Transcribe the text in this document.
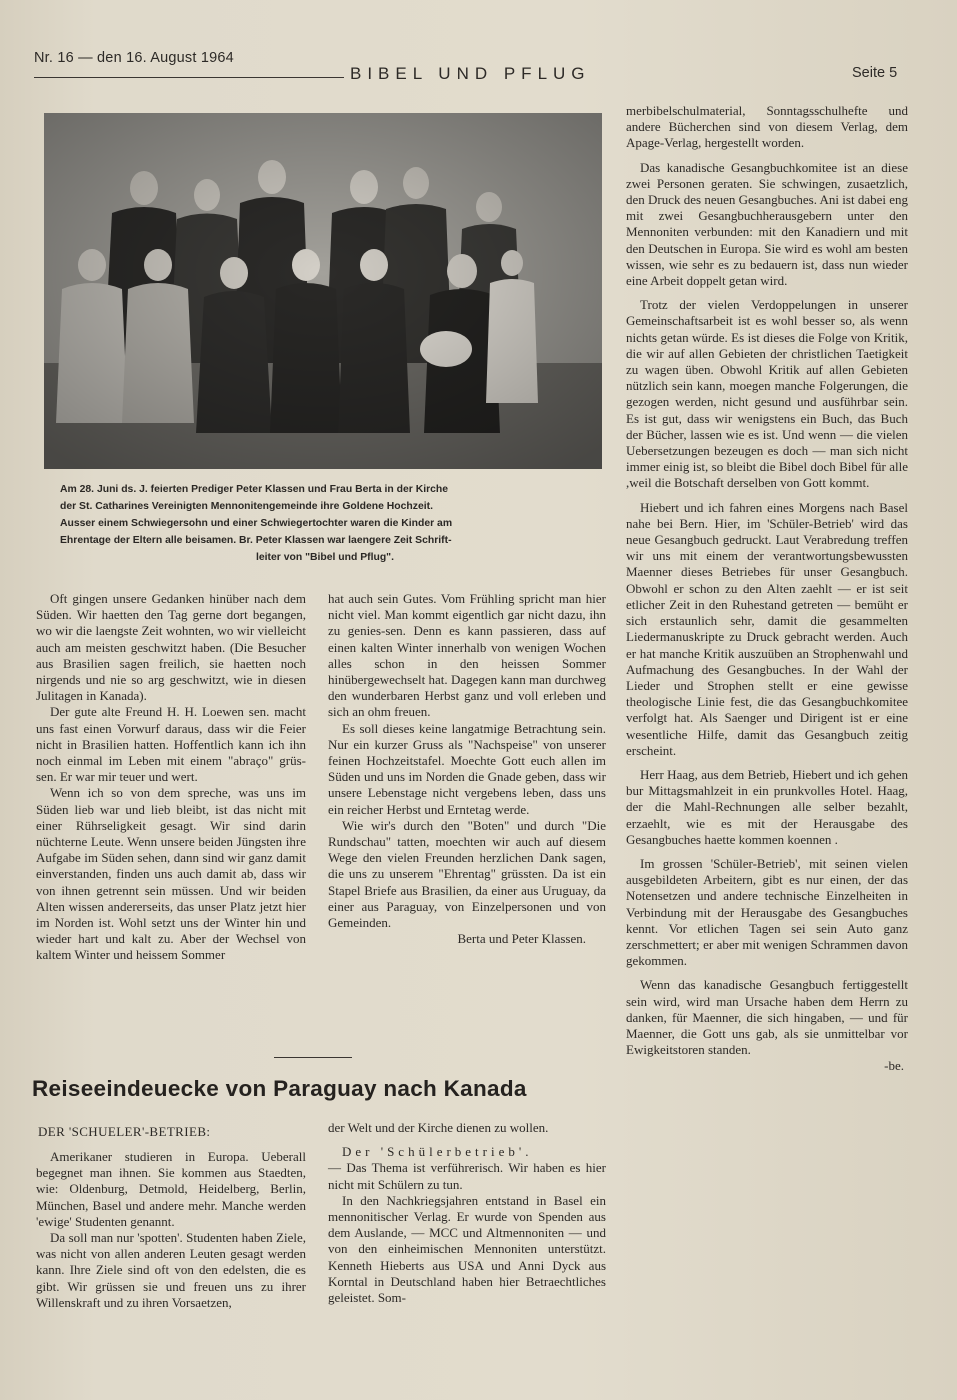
Nr. 16 — den 16. August 1964
BIBEL UND PFLUG	Seite 5

Am 28. Juni ds. J. feierten Prediger Peter Klassen und Frau Berta in der Kirche

der St. Catharines Vereinigten Mennonitengemeinde ihre Goldene Hochzeit.

Ausser einem Schwiegersohn und einer Schwiegertochter waren die Kinder am

Ehrentage der Eltern alle beisamen. Br. Peter Klassen war laengere Zeit Schrift-

leiter von "Bibel und Pflug".

Oft gingen unsere Gedanken hinüber nach dem Süden. Wir haetten den Tag gerne dort begangen, wo wir die laengste Zeit wohnten, wo wir vielleicht auch am meisten geschwitzt haben. (Die Besucher aus Brasilien sagen freilich, sie haetten noch nirgends und nie so arg geschwitzt, wie in diesen Julitagen in Kanada).

Der gute alte Freund H. H. Loewen sen. macht uns fast einen Vorwurf daraus, dass wir die Feier nicht in Brasilien hatten. Hoffentlich kann ich ihn noch einmal im Leben mit einem "abraço" grüs-sen. Er war mir teuer und wert.

Wenn ich so von dem spreche, was uns im Süden lieb war und lieb bleibt, ist das nicht mit einer Rührseligkeit gesagt. Wir sind darin nüchterne Leute. Wenn unsere beiden Jüngsten ihre Aufgabe im Süden sehen, dann sind wir ganz damit einverstanden, finden uns auch damit ab, dass wir von ihnen getrennt sein müssen. Und wir beiden Alten wissen andererseits, das unser Platz jetzt hier im Norden ist. Wohl setzt uns der Winter hin und wieder hart und kalt zu. Aber der Wechsel von kaltem Winter und heissem Sommer

hat auch sein Gutes. Vom Frühling spricht man hier nicht viel. Man kommt eigentlich gar nicht dazu, ihn zu genies-sen. Denn es kann passieren, dass auf einen kalten Winter innerhalb von wenigen Wochen alles schon in den heissen Sommer hinübergewechselt hat. Dagegen kann man durchweg den wunderbaren Herbst ganz und voll erleben und sich an ohm freuen.

Es soll dieses keine langatmige Betrachtung sein. Nur ein kurzer Gruss als "Nachspeise" von unserer feinen Hochzeitstafel. Moechte Gott euch allen im Süden und uns im Norden die Gnade geben, dass wir unsere Lebenstage nicht vergebens leben, dass uns ein reicher Herbst und Erntetag werde.

Wie wir's durch den "Boten" und durch "Die Rundschau" tatten, moechten wir auch auf diesem Wege den vielen Freunden herzlichen Dank sagen, die uns zu unserem "Ehrentag" grüssten. Da ist ein Stapel Briefe aus Brasilien, da einer aus Uruguay, da einer aus Paraguay, von Einzelpersonen und von Gemeinden.

Berta und Peter Klassen.

Reiseeindeuecke von Paraguay nach Kanada
DER 'SCHUELER'-BETRIEB:

Amerikaner studieren in Europa. Ueberall begegnet man ihnen. Sie kommen aus Staedten, wie: Oldenburg, Detmold, Heidelberg, Berlin, München, Basel und andere mehr. Manche werden 'ewige' Studenten genannt.

Da soll man nur 'spotten'. Studenten haben Ziele, was nicht von allen anderen Leuten gesagt werden kann. Ihre Ziele sind oft von den edelsten, die es gibt. Wir grüssen sie und freuen uns zu ihrer Willenskraft und zu ihren Vorsaetzen,

der Welt und der Kirche dienen zu wollen.

Der 'Schülerbetrieb'.

— Das Thema ist verführerisch. Wir haben es hier nicht mit Schülern zu tun.

In den Nachkriegsjahren entstand in Basel ein mennonitischer Verlag. Er wurde von Spenden aus dem Auslande, — MCC und Altmennoniten — und von den einheimischen Mennoniten unterstützt. Kenneth Hieberts aus USA und Anni Dyck aus Korntal in Deutschland haben hier Betraechtliches geleistet. Som-

merbibelschulmaterial, Sonntagsschulhefte und andere Bücherchen sind von diesem Verlag, dem Apage-Verlag, hergestellt worden.

Das kanadische Gesangbuchkomitee ist an diese zwei Personen geraten. Sie schwingen, zusaetzlich, den Druck des neuen Gesangbuches. Ani ist dabei eng mit zwei Gesangbuchherausgebern unter den Mennoniten verbunden: mit den Kanadiern und mit den Deutschen in Europa. Sie wird es wohl am besten wissen, wie sehr es zu bedauern ist, dass nun wieder eine Arbeit doppelt getan wird.

Trotz der vielen Verdoppelungen in unserer Gemeinschaftsarbeit ist es wohl besser so, als wenn nichts getan würde. Es ist dieses die Folge von Kritik, die wir auf allen Gebieten der christlichen Taetigkeit zu wagen üben. Obwohl Kritik auf allen Gebieten nützlich sein kann, moegen manche Folgerungen, die gezogen werden, nicht gesund und ausführbar sein. Es ist gut, dass wir wenigstens ein Buch, das Buch der Bücher, lassen wie es ist. Und wenn — die vielen Uebersetzungen bezeugen es doch — man sich nicht immer einig ist, so bleibt die Bibel doch Bibel für alle ,weil die Botschaft derselben von Gott kommt.

Hiebert und ich fahren eines Morgens nach Basel nahe bei Bern. Hier, im 'Schüler-Betrieb' wird das neue Gesangbuch gedruckt. Laut Verabredung treffen wir uns mit einem der verantwortungsbewussten Maenner dieses Betriebes für unser Gesangbuch. Obwohl er schon zu den Alten zaehlt — er ist seit etlicher Zeit in den Ruhestand getreten — bemüht er sich erstaunlich sehr, damit die gesammelten Liedermanuskripte zu Druck gebracht werden. Auch er hat manche Kritik auszuüben an Strophenwahl und Aufmachung des Gesangbuches. In der Wahl der Lieder und Strophen stellt er eine gewisse theologische Linie fest, die das Gesangbuchkomitee verfolgt hat. Als Saenger und Dirigent ist er eine wesentliche Hilfe, damit das Gesangbuch zeitig erscheint.

Herr Haag, aus dem Betrieb, Hiebert und ich gehen bur Mittagsmahlzeit in ein prunkvolles Hotel. Haag, der die Mahl-Rechnungen alle selber bezahlt, erzaehlt, wie es mit der Herausgabe des Gesangbuches haette kommen koennen .

Im grossen 'Schüler-Betrieb', mit seinen vielen ausgebildeten Arbeitern, gibt es nur einen, der das Notensetzen und andere technische Einzelheiten in Verbindung mit der Herausgabe des Gesangbuches kennt. Vor etlichen Tagen sei sein Auto ganz zerschmettert; er aber mit wenigen Schrammen davon gekommen.

Wenn das kanadische Gesangbuch fertiggestellt sein wird, wird man Ursache haben dem Herrn zu danken, für Maenner, die sich hingaben, — und für Maenner, die Gott uns gab, als sie unmittelbar vor Ewigkeitstoren standen.

-be.
